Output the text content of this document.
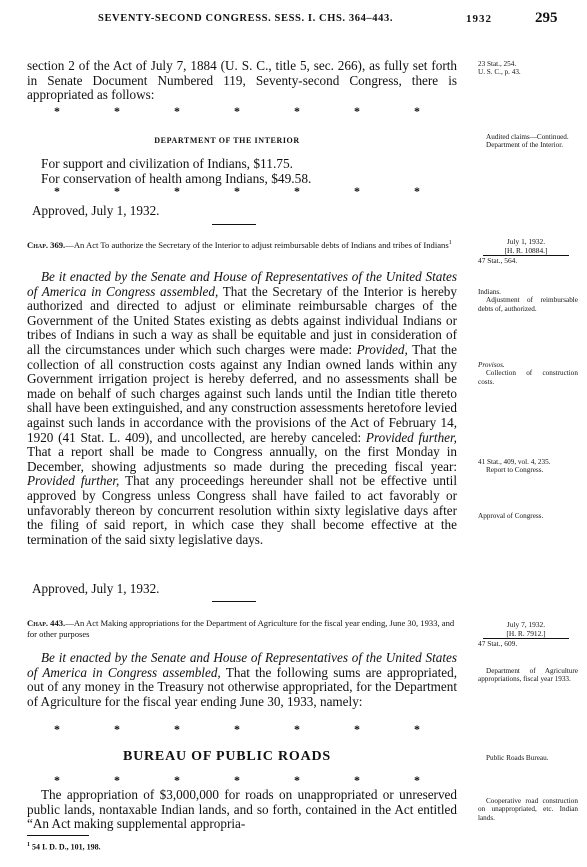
SEVENTY-SECOND CONGRESS. SESS. I. CHS. 364–443.	1932	295

section 2 of the Act of July 7, 1884 (U. S. C., title 5, sec. 266), as fully set forth in Senate Document Numbered 119, Seventy-second Congress, there is appropriated as follows:

23 Stat., 254.
U. S. C., p. 43.
*	*	*	*	*	*	*
DEPARTMENT OF THE INTERIOR	Audited claims—Continued.

Department of the Interior.

For support and civilization of Indians, $11.75.

For conservation of health among Indians, $49.58.

*	*	*	*	*	*	*
Approved, July 1, 1932.
Chap. 369.—An Act To authorize the Secretary of the Interior to adjust reimbursable debts of Indians and tribes of Indians$^1$	July 1, 1932.
[H. R. 10884.]
47 Stat., 564.

Be it enacted by the Senate and House of Representatives of the United States of America in Congress assembled, That the Secretary of the Interior is hereby authorized and directed to adjust or eliminate reimbursable charges of the Government of the United States existing as debts against individual Indians or tribes of Indians in such a way as shall be equitable and just in consideration of all the circumstances under which such charges were made: Provided, That the collection of all construction costs against any Indian owned lands within any Government irrigation project is hereby deferred, and no assessments shall be made on behalf of such charges against such lands until the Indian title thereto shall have been extinguished, and any construction assessments heretofore levied against such lands in accordance with the provisions of the Act of February 14, 1920 (41 Stat. L. 409), and uncollected, are hereby canceled: Provided further, That a report shall be made to Congress annually, on the first Monday in December, showing adjustments so made during the preceding fiscal year: Provided further, That any proceedings hereunder shall not be effective until approved by Congress unless Congress shall have failed to act favorably or unfavorably thereon by concurrent resolution within sixty legislative days after the filing of said report, in which case they shall become effective at the termination of the said sixty legislative days.

Indians.

Adjustment of reimbursable debts of, authorized.

Provisos.

Collection of construction costs.

41 Stat., 409, vol. 4, 235.

Report to Congress.

Approval of Congress.
Approved, July 1, 1932.
Chap. 443.—An Act Making appropriations for the Department of Agriculture for the fiscal year ending, June 30, 1933, and for other purposes
July 7, 1932.
[H. R. 7912.]
47 Stat., 609.

Be it enacted by the Senate and House of Representatives of the United States of America in Congress assembled, That the following sums are appropriated, out of any money in the Treasury not otherwise appropriated, for the Department of Agriculture for the fiscal year ending June 30, 1933, namely:

Department of Agriculture appropriations, fiscal year 1933.

*	*	*	*	*	*	*
BUREAU OF PUBLIC ROADS	Public Roads Bureau.

*	*	*	*	*	*	*

The appropriation of $3,000,000 for roads on unappropriated or unreserved public lands, nontaxable Indian lands, and so forth, contained in the Act entitled “An Act making supplemental appropria-

Cooperative road construction on unappropriated, etc. Indian lands.

$^1$ 54 I. D. D., 101, 198.
